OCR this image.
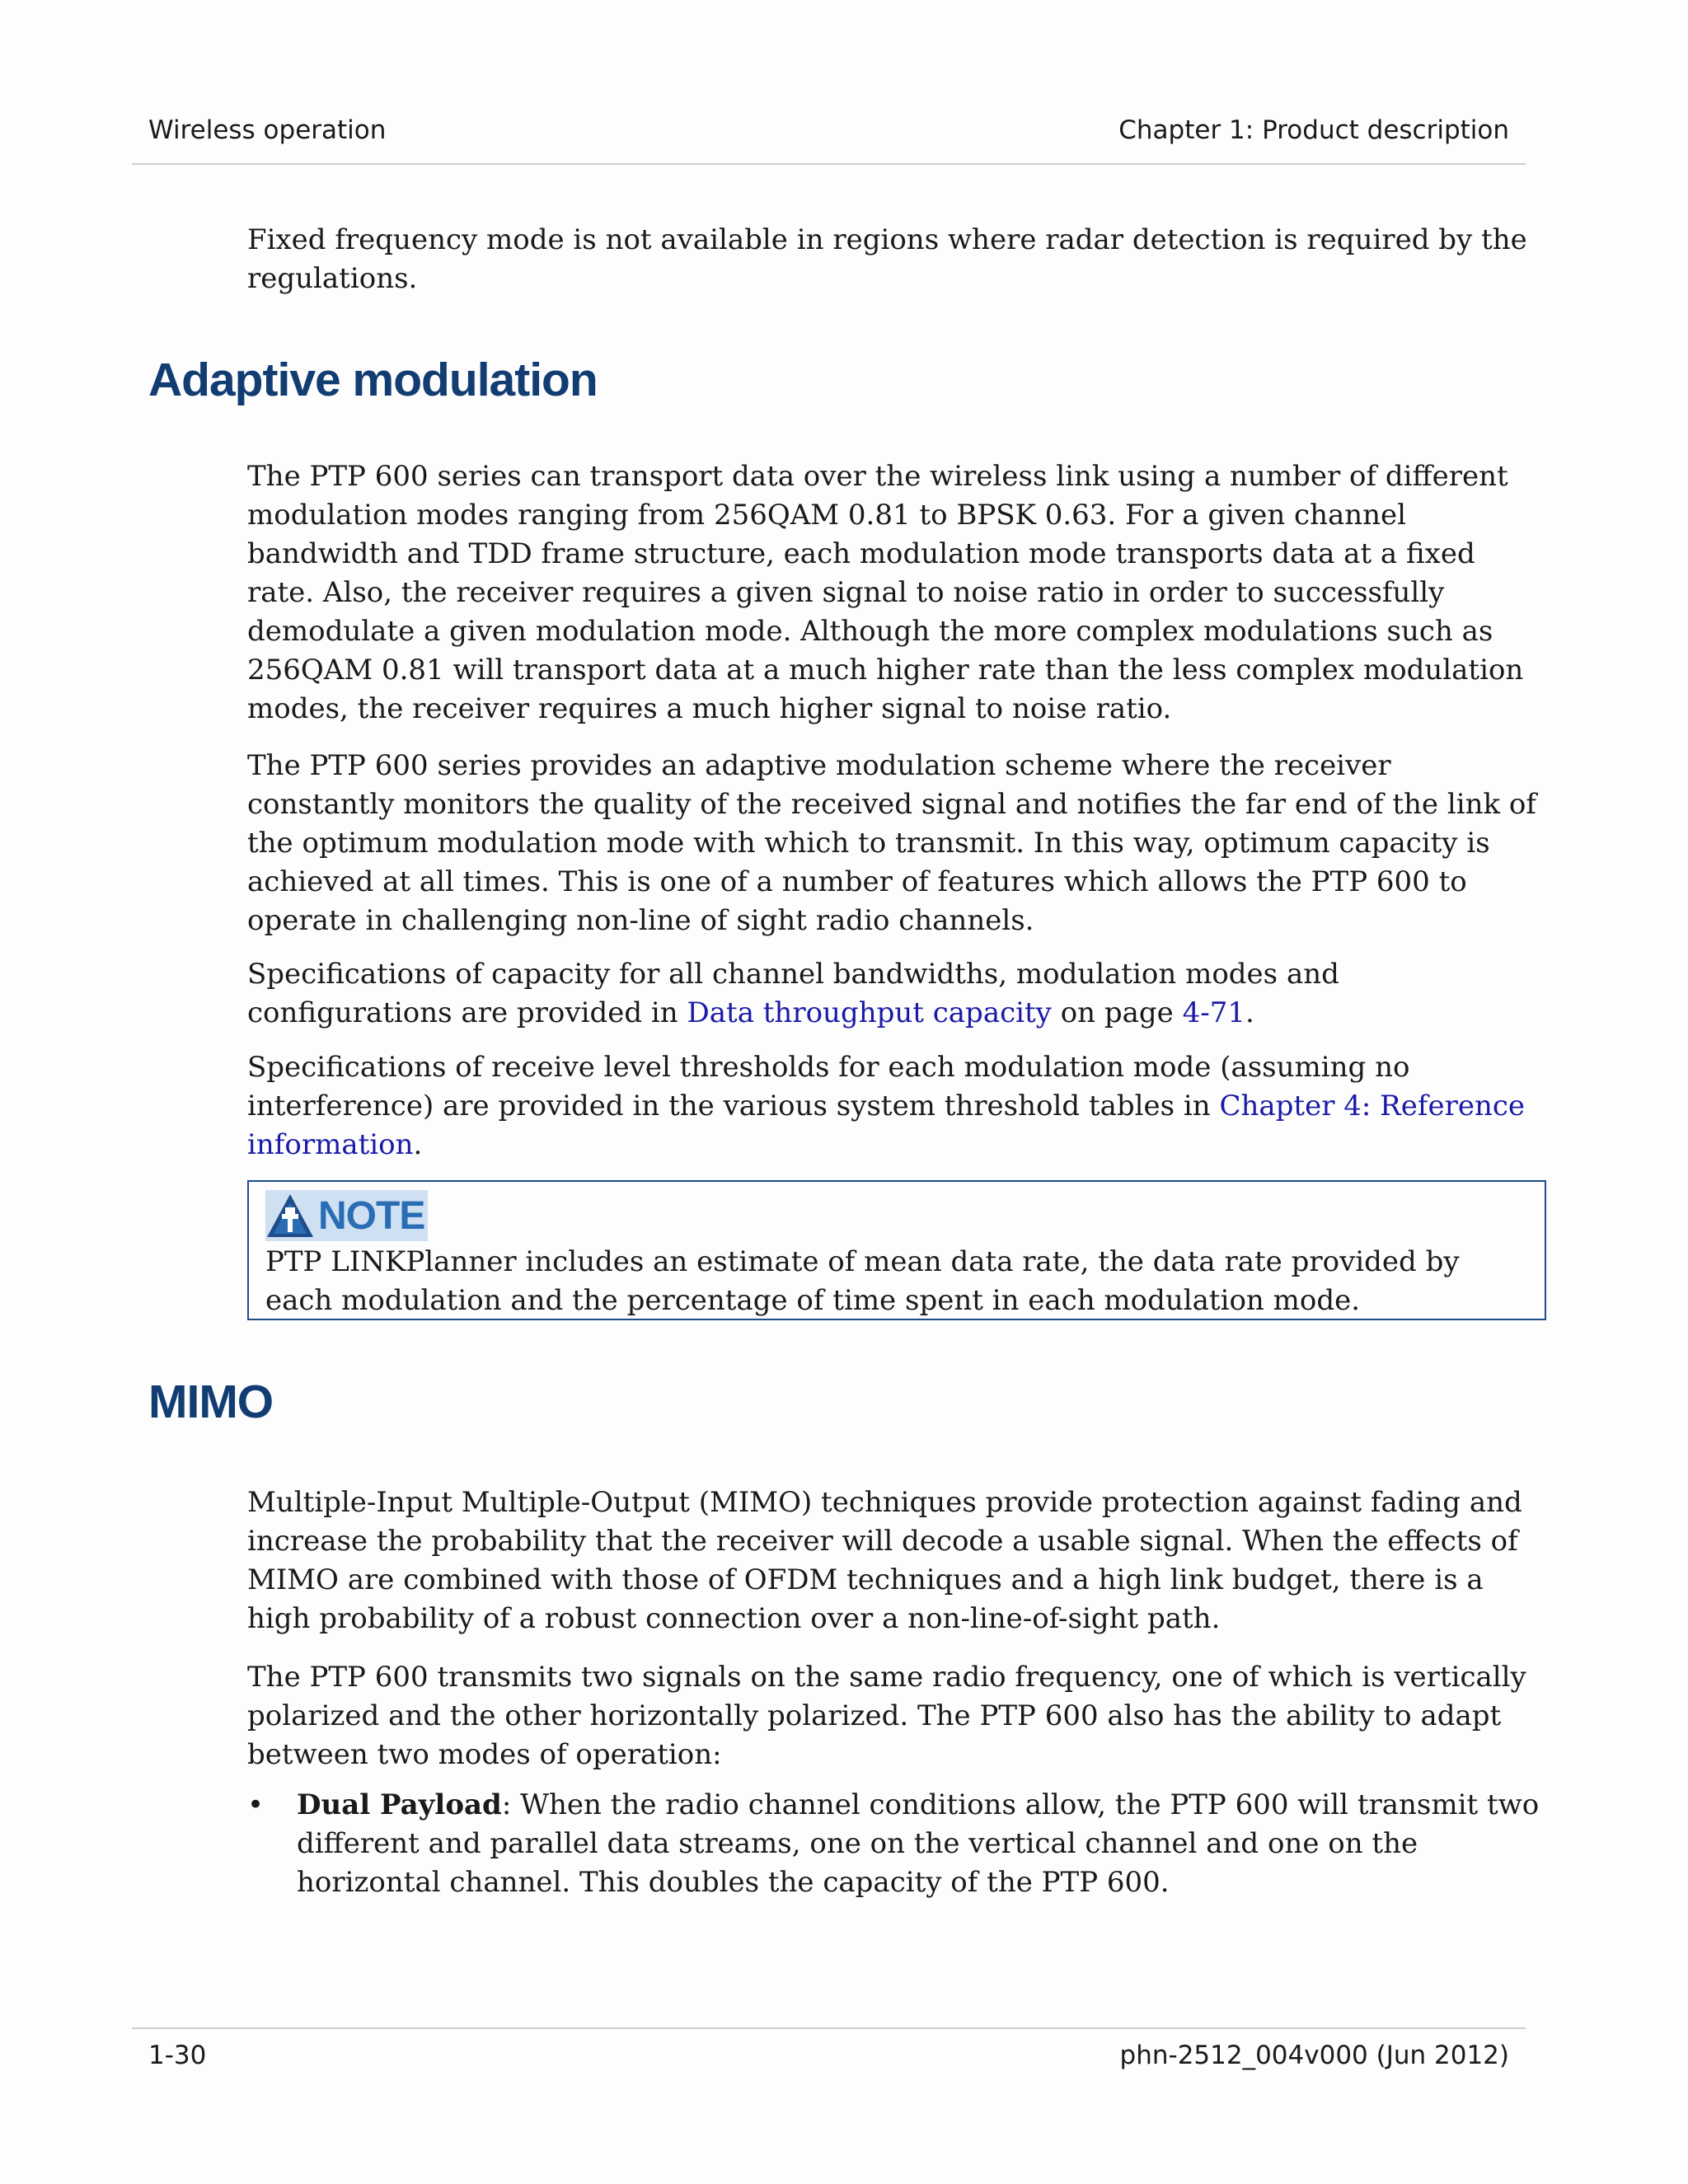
Wireless operation	Chapter 1: Product description

Fixed frequency mode is not available in regions where radar detection is required by the regulations.

Adaptive modulation

The PTP 600 series can transport data over the wireless link using a number of different modulation modes ranging from 256QAM 0.81 to BPSK 0.63. For a given channel bandwidth and TDD frame structure, each modulation mode transports data at a fixed rate. Also, the receiver requires a given signal to noise ratio in order to successfully demodulate a given modulation mode. Although the more complex modulations such as 256QAM 0.81 will transport data at a much higher rate than the less complex modulation modes, the receiver requires a much higher signal to noise ratio.

The PTP 600 series provides an adaptive modulation scheme where the receiver constantly monitors the quality of the received signal and notifies the far end of the link of the optimum modulation mode with which to transmit. In this way, optimum capacity is achieved at all times. This is one of a number of features which allows the PTP 600 to operate in challenging non-line of sight radio channels.

Specifications of capacity for all channel bandwidths, modulation modes and configurations are provided in Data throughput capacity on page 4-71.

Specifications of receive level thresholds for each modulation mode (assuming no interference) are provided in the various system threshold tables in Chapter 4: Reference information.

NOTE
PTP LINKPlanner includes an estimate of mean data rate, the data rate provided by each modulation and the percentage of time spent in each modulation mode.
MIMO

Multiple-Input Multiple-Output (MIMO) techniques provide protection against fading and increase the probability that the receiver will decode a usable signal. When the effects of MIMO are combined with those of OFDM techniques and a high link budget, there is a high probability of a robust connection over a non-line-of-sight path.

The PTP 600 transmits two signals on the same radio frequency, one of which is vertically polarized and the other horizontally polarized. The PTP 600 also has the ability to adapt between two modes of operation:

• Dual Payload: When the radio channel conditions allow, the PTP 600 will transmit two different and parallel data streams, one on the vertical channel and one on the horizontal channel. This doubles the capacity of the PTP 600.
1-30	phn-2512_004v000 (Jun 2012)
